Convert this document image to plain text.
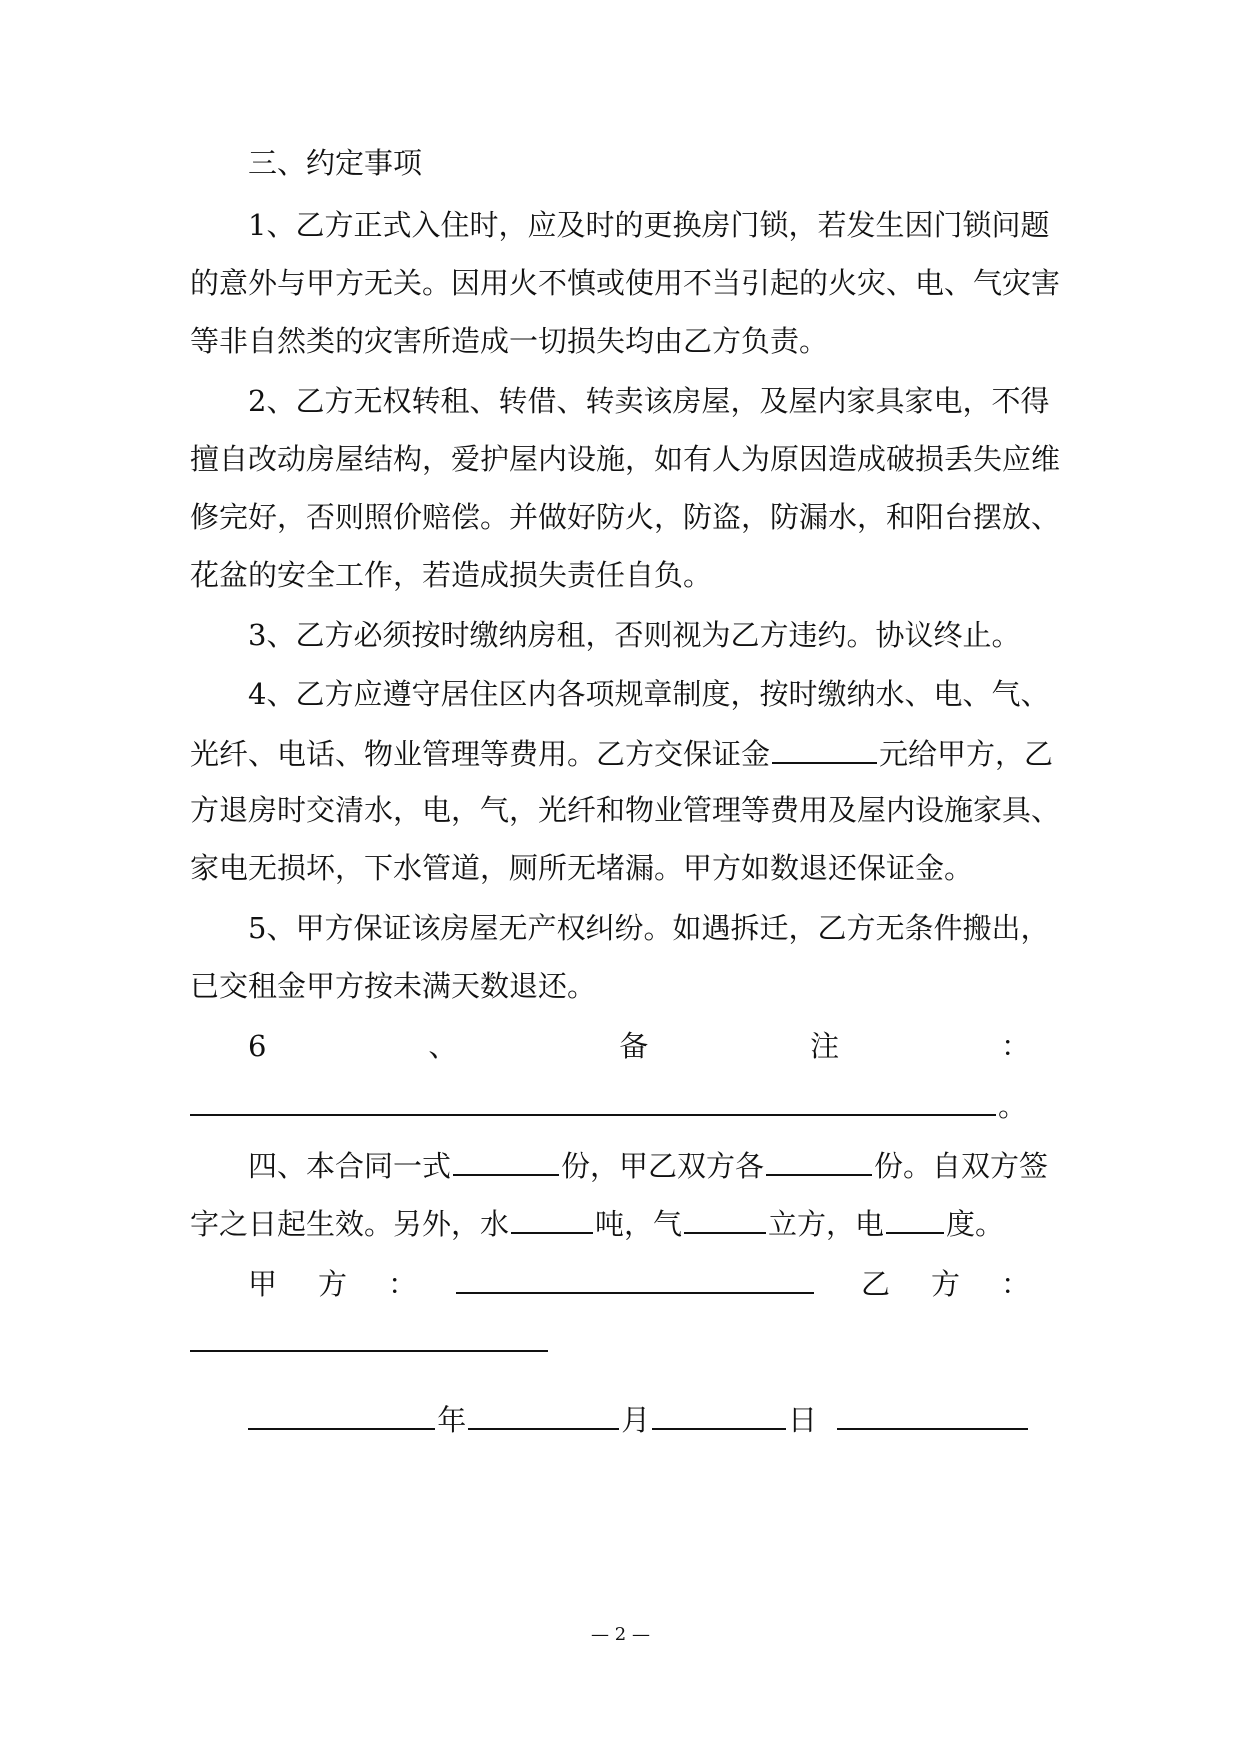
三、约定事项
1、乙方正式入住时，应及时的更换房门锁，若发生因门锁问题
的意外与甲方无关。因用火不慎或使用不当引起的火灾、电、气灾害
等非自然类的灾害所造成一切损失均由乙方负责。
2、乙方无权转租、转借、转卖该房屋，及屋内家具家电，不得
擅自改动房屋结构，爱护屋内设施，如有人为原因造成破损丢失应维
修完好，否则照价赔偿。并做好防火，防盗，防漏水，和阳台摆放、
花盆的安全工作，若造成损失责任自负。
3、乙方必须按时缴纳房租，否则视为乙方违约。协议终止。
4、乙方应遵守居住区内各项规章制度，按时缴纳水、电、气、
光纤、电话、物业管理等费用。乙方交保证金	元给甲方，乙
方退房时交清水，电，气，光纤和物业管理等费用及屋内设施家具、
家电无损坏，下水管道，厕所无堵漏。甲方如数退还保证金。
5、甲方保证该房屋无产权纠纷。如遇拆迁，乙方无条件搬出，
已交租金甲方按未满天数退还。
6	、	备	注	：
。
四、本合同一式	份，甲乙双方各	份。自双方签
字之日起生效。另外，水	吨，气	立方，电 度。
甲 方 ：	乙 方 ：
年	月	日
— 2 —
